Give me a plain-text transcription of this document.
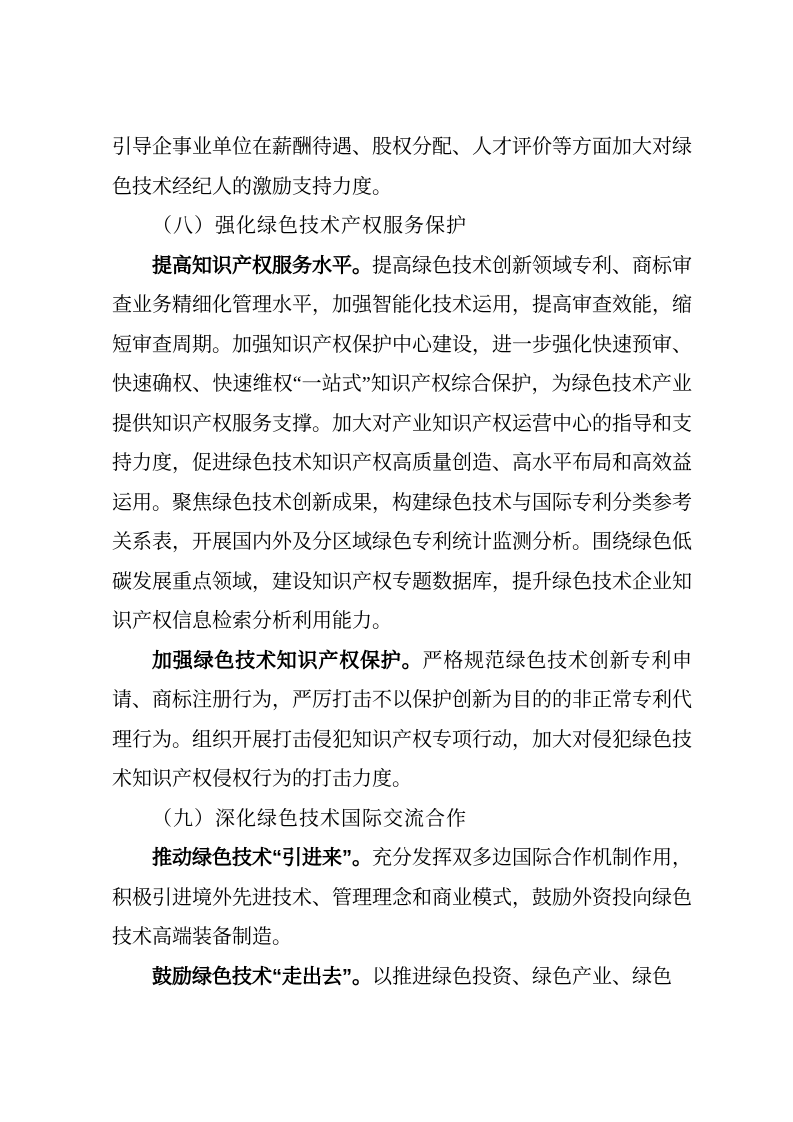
引导企事业单位在薪酬待遇、股权分配、人才评价等方面加大对绿色技术经纪人的激励支持力度。

（八）强化绿色技术产权服务保护

提高知识产权服务水平。提高绿色技术创新领域专利、商标审查业务精细化管理水平，加强智能化技术运用，提高审查效能，缩短审查周期。加强知识产权保护中心建设，进一步强化快速预审、快速确权、快速维权“一站式”知识产权综合保护，为绿色技术产业提供知识产权服务支撑。加大对产业知识产权运营中心的指导和支持力度，促进绿色技术知识产权高质量创造、高水平布局和高效益运用。聚焦绿色技术创新成果，构建绿色技术与国际专利分类参考关系表，开展国内外及分区域绿色专利统计监测分析。围绕绿色低碳发展重点领域，建设知识产权专题数据库，提升绿色技术企业知识产权信息检索分析利用能力。

加强绿色技术知识产权保护。严格规范绿色技术创新专利申请、商标注册行为，严厉打击不以保护创新为目的的非正常专利代理行为。组织开展打击侵犯知识产权专项行动，加大对侵犯绿色技术知识产权侵权行为的打击力度。

（九）深化绿色技术国际交流合作

推动绿色技术“引进来”。充分发挥双多边国际合作机制作用，积极引进境外先进技术、管理理念和商业模式，鼓励外资投向绿色技术高端装备制造。

鼓励绿色技术“走出去”。以推进绿色投资、绿色产业、绿色
